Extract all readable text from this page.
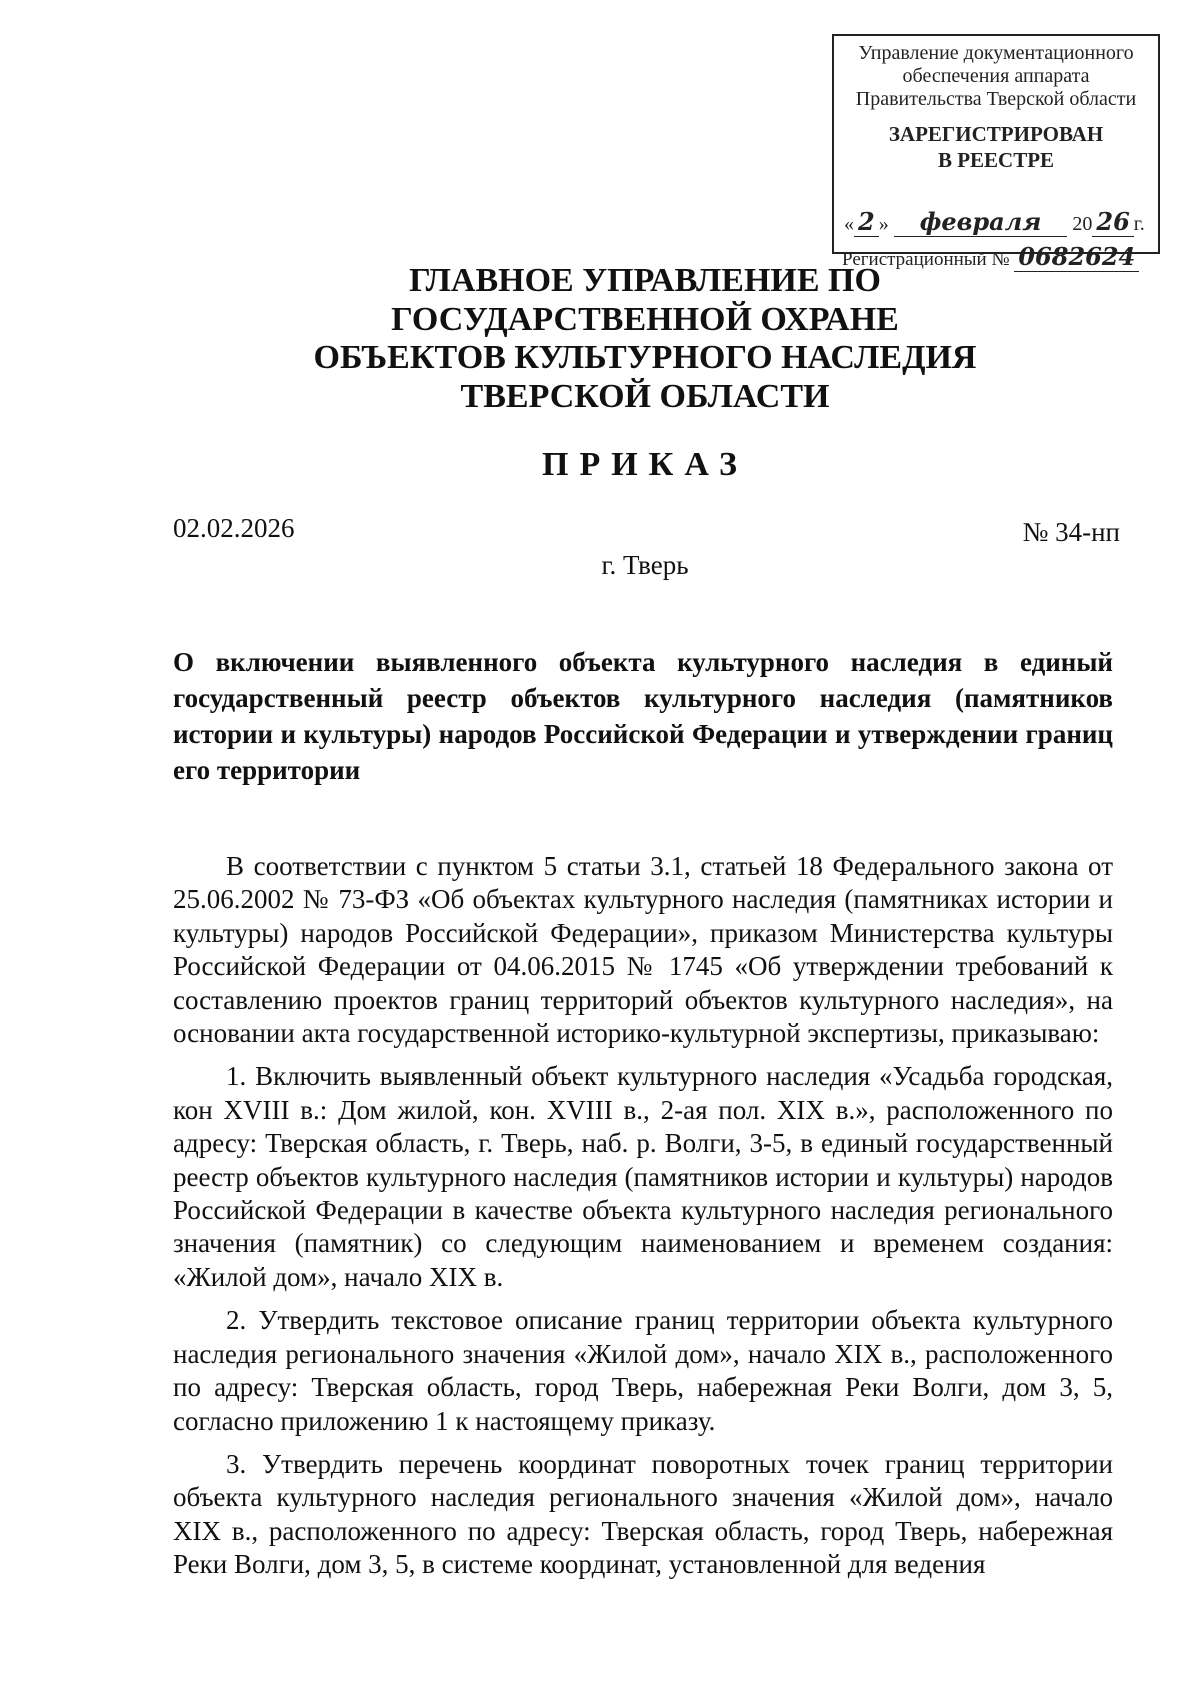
Управление документационного
обеспечения аппарата
Правительства Тверской области
ЗАРЕГИСТРИРОВАН
В РЕЕСТРЕ
« 2 » февраля 20 26 г.
Регистрационный № 0682624
ГЛАВНОЕ УПРАВЛЕНИЕ ПО
ГОСУДАРСТВЕННОЙ ОХРАНЕ
ОБЪЕКТОВ КУЛЬТУРНОГО НАСЛЕДИЯ
ТВЕРСКОЙ ОБЛАСТИ
ПРИКАЗ
02.02.2026	№ 34-нп
г. Тверь
О включении выявленного объекта культурного наследия в единый государственный реестр объектов культурного наследия (памятников истории и культуры) народов Российской Федерации и утверждении границ его территории

В соответствии с пунктом 5 статьи 3.1, статьей 18 Федерального закона от 25.06.2002 № 73-ФЗ «Об объектах культурного наследия (памятниках истории и культуры) народов Российской Федерации», приказом Министерства культуры Российской Федерации от 04.06.2015 № 1745 «Об утверждении требований к составлению проектов границ территорий объектов культурного наследия», на основании акта государственной историко-культурной экспертизы, приказываю:

1. Включить выявленный объект культурного наследия «Усадьба городская, кон XVIII в.: Дом жилой, кон. XVIII в., 2-ая пол. XIX в.», расположенного по адресу: Тверская область, г. Тверь, наб. р. Волги, 3-5, в единый государственный реестр объектов культурного наследия (памятников истории и культуры) народов Российской Федерации в качестве объекта культурного наследия регионального значения (памятник) со следующим наименованием и временем создания: «Жилой дом», начало XIX в.

2. Утвердить текстовое описание границ территории объекта культурного наследия регионального значения «Жилой дом», начало XIX в., расположенного по адресу: Тверская область, город Тверь, набережная Реки Волги, дом 3, 5, согласно приложению 1 к настоящему приказу.

3. Утвердить перечень координат поворотных точек границ территории объекта культурного наследия регионального значения «Жилой дом», начало XIX в., расположенного по адресу: Тверская область, город Тверь, набережная Реки Волги, дом 3, 5, в системе координат, установленной для ведения
